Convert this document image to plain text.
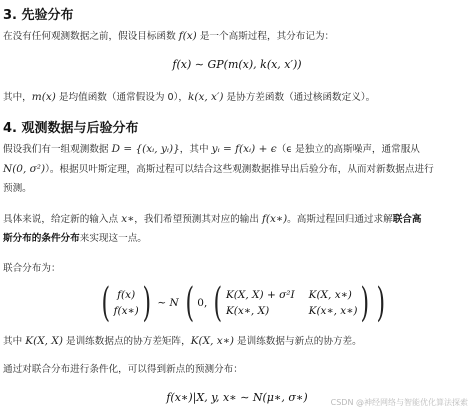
3. 先验分布
在没有任何观测数据之前，假设目标函数 f(x) 是一个高斯过程，其分布记为：
f(x) ∼ GP(m(x), k(x, x′))
其中，m(x) 是均值函数（通常假设为 0），k(x, x′) 是协方差函数（通过核函数定义）。
4. 观测数据与后验分布
假设我们有一组观测数据 D = {(xᵢ, yᵢ)}，其中 yᵢ = f(xᵢ) + ϵ（ϵ 是独立的高斯噪声，通常服从
N(0, σ²)）。根据贝叶斯定理，高斯过程可以结合这些观测数据推导出后验分布，从而对新数据点进行
预测。
具体来说，给定新的输入点 x∗，我们希望预测其对应的输出 f(x∗)。高斯过程回归通过求解联合高
斯分布的条件分布来实现这一点。
联合分布为：
( f(x)
f(x∗) ) ∼ N ( 0, ( K(X, X) + σ²I K(X, x∗)
K(x∗, X)	K(x∗, x∗) ) )
其中 K(X, X) 是训练数据点的协方差矩阵，K(X, x∗) 是训练数据与新点的协方差。
通过对联合分布进行条件化，可以得到新点的预测分布：
f(x∗)|X, y, x∗ ∼ N(μ∗, σ∗)	CSDN @神经网络与智能优化算法探索
